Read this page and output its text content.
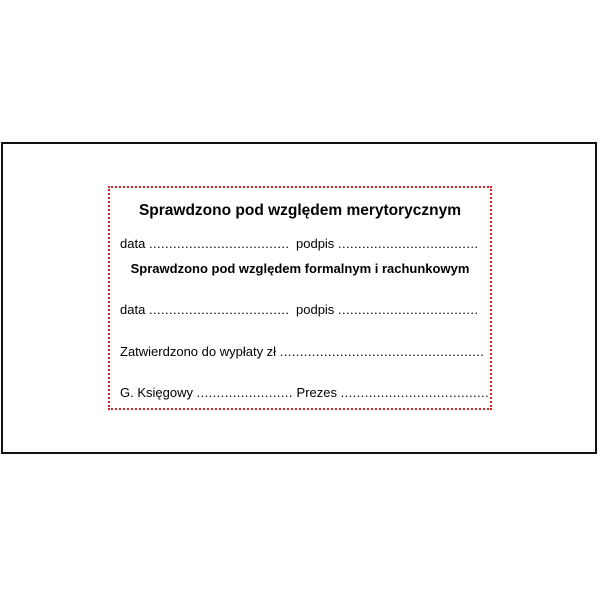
Sprawdzono pod względem merytorycznym
data ................................... podpis ...................................
Sprawdzono pod względem formalnym i rachunkowym
data ................................... podpis ...................................
Zatwierdzono do wypłaty zł ...................................................
G. Księgowy ........................ Prezes .....................................
